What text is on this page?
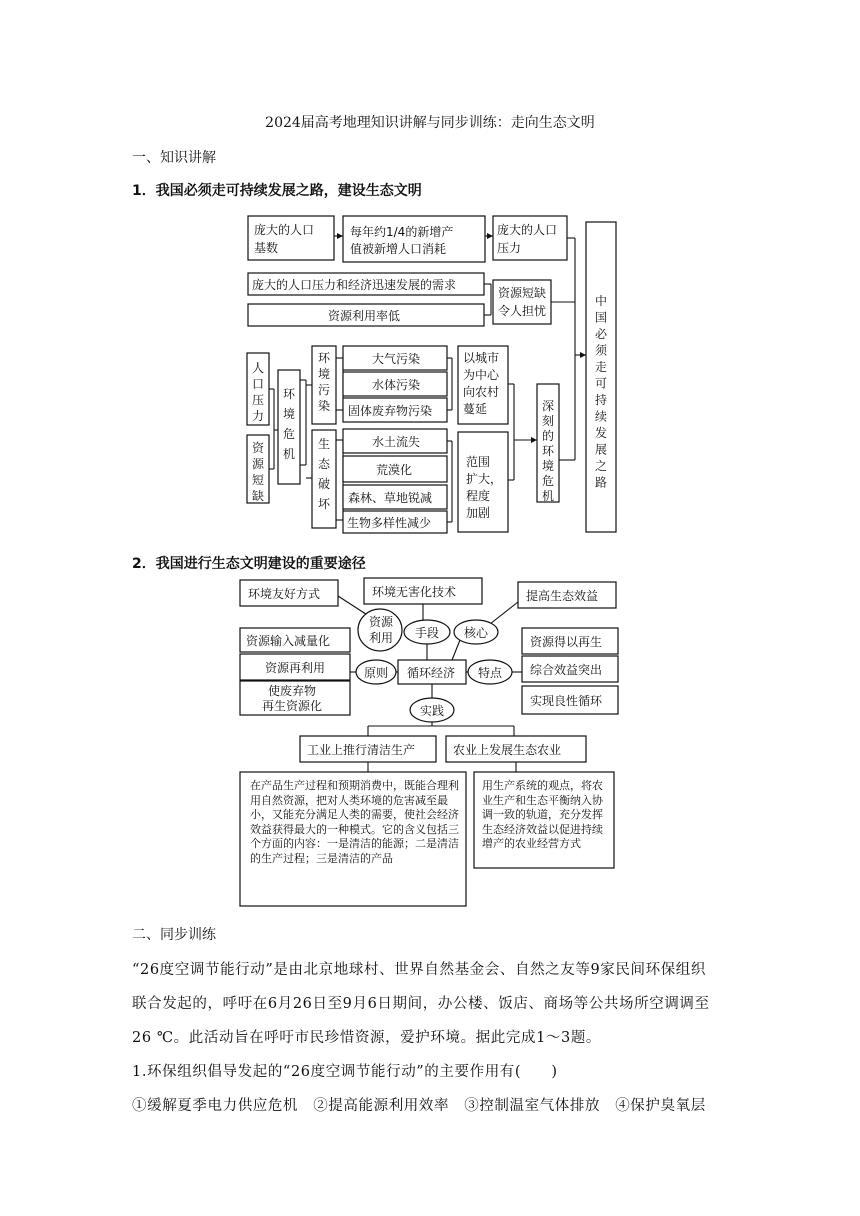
2024届高考地理知识讲解与同步训练：走向生态文明
一、知识讲解
1．我国必须走可持续发展之路，建设生态文明
庞大的人口
基数
每年约1/4的新增产
值被新增人口消耗
庞大的人口
压力
庞大的人口压力和经济迅速发展的需求
资源利用率低
资源短缺
令人担忧
中
国
必
须
走
可
持
续
发
展
之
路
人
口
压
力
资
源
短
缺
环
境
危
机
环
境
污
染
大气污染
水体污染
固体废弃物污染
以城市
为中心
向农村
蔓延
生
态
破
坏
水土流失
荒漠化
森林、草地锐减
生物多样性减少
范围
扩大，
程度
加剧
深
刻
的
环
境
危
机
2．我国进行生态文明建设的重要途径
环境友好方式	环境无害化技术	提高生态效益
资源
利用 手段 核心
资源输入减量化
资源再利用
使废弃物
再生资源化
原则 循环经济 特点
资源得以再生
综合效益突出
实现良性循环
实践
工业上推行清洁生产	农业上发展生态农业
在产品生产过程和预期消费中，既能合理利用自然资源，把对人类环境的危害减至最小，又能充分满足人类的需要，使社会经济效益获得最大的一种模式。它的含义包括三个方面的内容：一是清洁的能源；二是清洁的生产过程；三是清洁的产品
用生产系统的观点，将农业生产和生态平衡纳入协调一致的轨道，充分发挥生态经济效益以促进持续增产的农业经营方式
二、同步训练
“26度空调节能行动”是由北京地球村、世界自然基金会、自然之友等9家民间环保组织
联合发起的，呼吁在6月26日至9月6日期间，办公楼、饭店、商场等公共场所空调调至
26 ℃。此活动旨在呼吁市民珍惜资源，爱护环境。据此完成1～3题。
1.环保组织倡导发起的“26度空调节能行动”的主要作用有(　　)
①缓解夏季电力供应危机　②提高能源利用效率　③控制温室气体排放　④保护臭氧层
